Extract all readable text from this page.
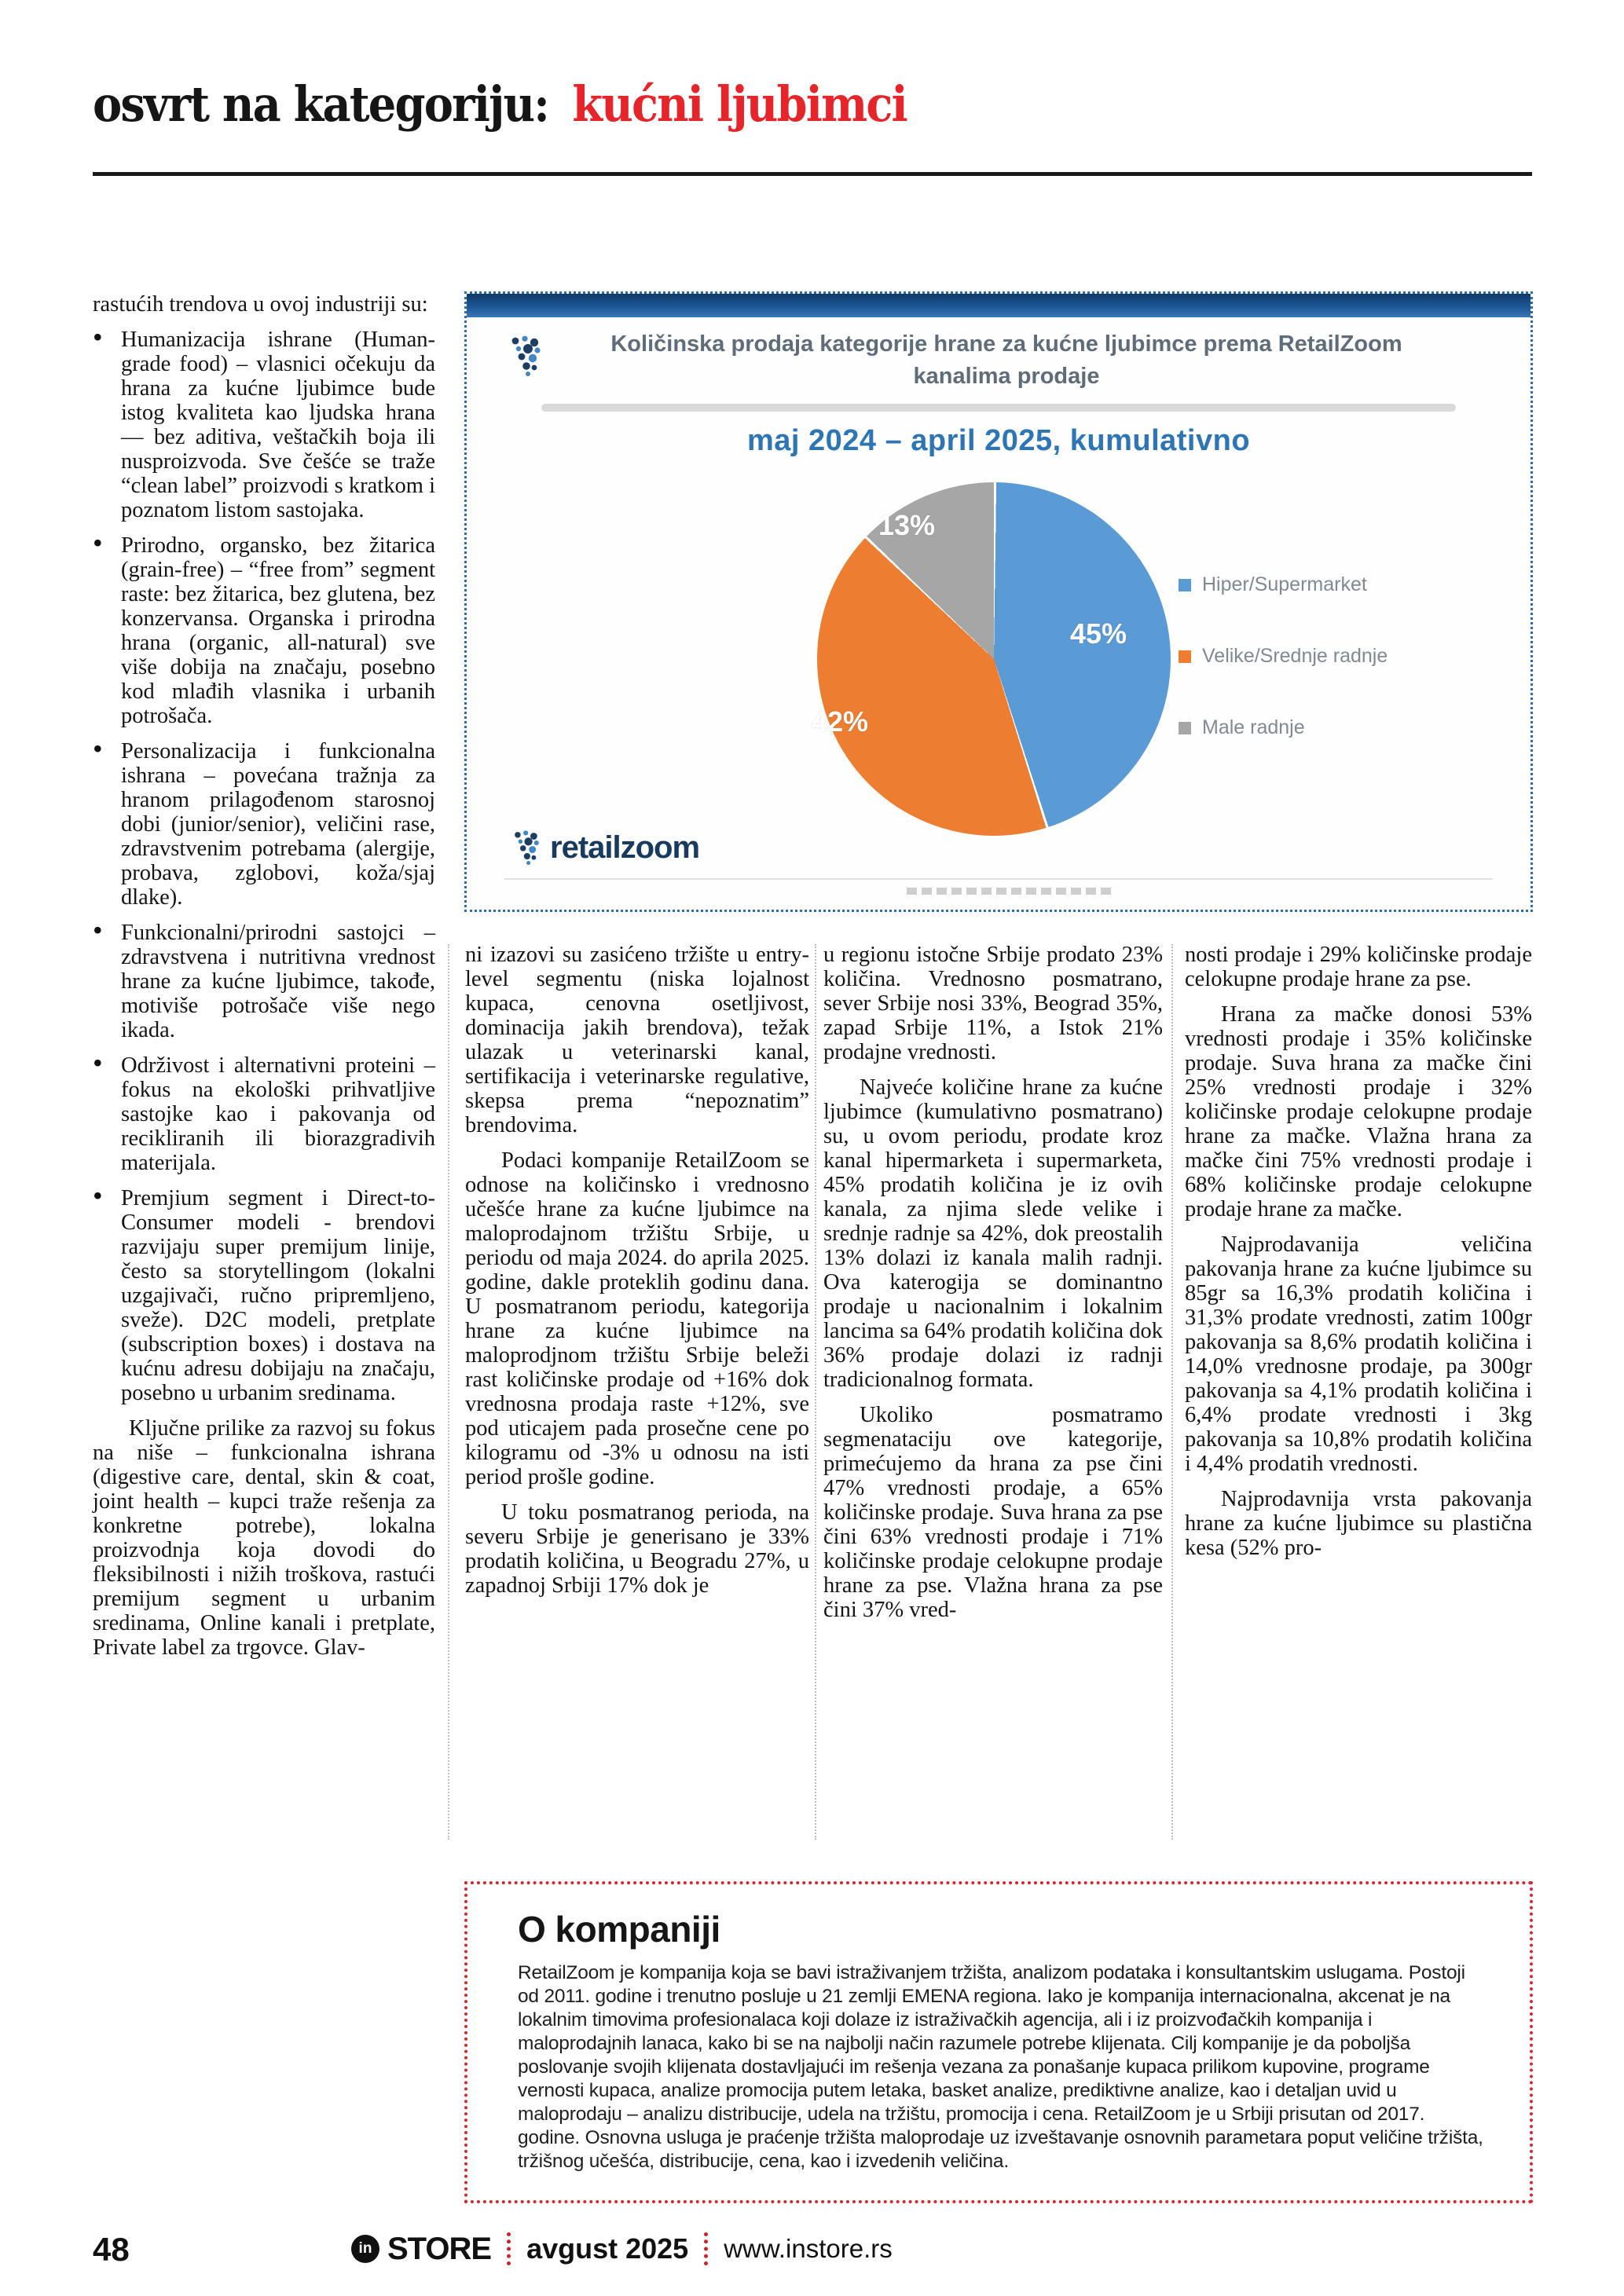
osvrt na kategoriju: kućni ljubimci
Količinska prodaja kategorije hrane za kućne ljubimce prema RetailZoom kanalima prodaje
maj 2024 – april 2025, kumulativno
45%
42%
13%
Hiper/Supermarket
Velike/Srednje radnje
Male radnje
retailzoom

rastućih trendova u ovoj industriji su:

• Humanizacija ishrane (Human-grade food) – vlasnici očekuju da hrana za kućne ljubimce bude istog kvaliteta kao ljudska hrana — bez aditiva, veštačkih boja ili nusproizvoda. Sve češće se traže “clean label” proizvodi s kratkom i poznatom listom sastojaka.
• Prirodno, organsko, bez žitarica (grain-free) – “free from” segment raste: bez žitarica, bez glutena, bez konzervansa. Organska i prirodna hrana (organic, all-natural) sve više dobija na značaju, posebno kod mlađih vlasnika i urbanih potrošača.
• Personalizacija i funkcionalna ishrana – povećana tražnja za hranom prilagođenom starosnoj dobi (junior/senior), veličini rase, zdravstvenim potrebama (alergije, probava, zglobovi, koža/sjaj dlake).
• Funkcionalni/prirodni sastojci – zdravstvena i nutritivna vrednost hrane za kućne ljubimce, takođe, motiviše potrošače više nego ikada.
• Održivost i alternativni proteini – fokus na ekološki prihvatljive sastojke kao i pakovanja od recikliranih ili biorazgradivih materijala.
• Premjium segment i Direct-to-Consumer modeli - brendovi razvijaju super premijum linije, često sa storytellingom (lokalni uzgajivači, ručno pripremljeno, sveže). D2C modeli, pretplate (subscription boxes) i dostava na kućnu adresu dobijaju na značaju, posebno u urbanim sredinama.

Ključne prilike za razvoj su fokus na niše – funkcionalna ishrana (digestive care, dental, skin & coat, joint health – kupci traže rešenja za konkretne potrebe), lokalna proizvodnja koja dovodi do fleksibilnosti i nižih troškova, rastući premijum segment u urbanim sredinama, Online kanali i pretplate, Private label za trgovce. Glav-

ni izazovi su zasićeno tržište u entry-level segmentu (niska lojalnost kupaca, cenovna osetljivost, dominacija jakih brendova), težak ulazak u veterinarski kanal, sertifikacija i veterinarske regulative, skepsa prema “nepoznatim” brendovima.

Podaci kompanije RetailZoom se odnose na količinsko i vrednosno učešće hrane za kućne ljubimce na maloprodajnom tržištu Srbije, u periodu od maja 2024. do aprila 2025. godine, dakle proteklih godinu dana. U posmatranom periodu, kategorija hrane za kućne ljubimce na maloprodjnom tržištu Srbije beleži rast količinske prodaje od +16% dok vrednosna prodaja raste +12%, sve pod uticajem pada prosečne cene po kilogramu od -3% u odnosu na isti period prošle godine.

U toku posmatranog perioda, na severu Srbije je generisano je 33% prodatih količina, u Beogradu 27%, u zapadnoj Srbiji 17% dok je

u regionu istočne Srbije prodato 23% količina. Vrednosno posmatrano, sever Srbije nosi 33%, Beograd 35%, zapad Srbije 11%, a Istok 21% prodajne vrednosti.

Najveće količine hrane za kućne ljubimce (kumulativno posmatrano) su, u ovom periodu, prodate kroz kanal hipermarketa i supermarketa, 45% prodatih količina je iz ovih kanala, za njima slede velike i srednje radnje sa 42%, dok preostalih 13% dolazi iz kanala malih radnji. Ova katerogija se dominantno prodaje u nacionalnim i lokalnim lancima sa 64% prodatih količina dok 36% prodaje dolazi iz radnji tradicionalnog formata.

Ukoliko posmatramo segmenataciju ove kategorije, primećujemo da hrana za pse čini 47% vrednosti prodaje, a 65% količinske prodaje. Suva hrana za pse čini 63% vrednosti prodaje i 71% količinske prodaje celokupne prodaje hrane za pse. Vlažna hrana za pse čini 37% vred-

nosti prodaje i 29% količinske prodaje celokupne prodaje hrane za pse.

Hrana za mačke donosi 53% vrednosti prodaje i 35% količinske prodaje. Suva hrana za mačke čini 25% vrednosti prodaje i 32% količinske prodaje celokupne prodaje hrane za mačke. Vlažna hrana za mačke čini 75% vrednosti prodaje i 68% količinske prodaje celokupne prodaje hrane za mačke.

Najprodavanija veličina pakovanja hrane za kućne ljubimce su 85gr sa 16,3% prodatih količina i 31,3% prodate vrednosti, zatim 100gr pakovanja sa 8,6% prodatih količina i 14,0% vrednosne prodaje, pa 300gr pakovanja sa 4,1% prodatih količina i 6,4% prodate vrednosti i 3kg pakovanja sa 10,8% prodatih količina i 4,4% prodatih vrednosti.

Najprodavnija vrsta pakovanja hrane za kućne ljubimce su plastična kesa (52% pro-

O kompaniji
RetailZoom je kompanija koja se bavi istraživanjem tržišta, analizom podataka i konsultantskim uslugama. Postoji od 2011. godine i trenutno posluje u 21 zemlji EMENA regiona. Iako je kompanija internacionalna, akcenat je na lokalnim timovima profesionalaca koji dolaze iz istraživačkih agencija, ali i iz proizvođačkih kompanija i maloprodajnih lanaca, kako bi se na najbolji način razumele potrebe klijenata. Cilj kompanije je da poboljša poslovanje svojih klijenata dostavljajući im rešenja vezana za ponašanje kupaca prilikom kupovine, programe vernosti kupaca, analize promocija putem letaka, basket analize, prediktivne analize, kao i detaljan uvid u maloprodaju – analizu distribucije, udela na tržištu, promocija i cena. RetailZoom je u Srbiji prisutan od 2017. godine. Osnovna usluga je praćenje tržišta maloprodaje uz izveštavanje osnovnih parametara poput veličine tržišta, tržišnog učešća, distribucije, cena, kao i izvedenih veličina.
48	in STORE avgust 2025 www.instore.rs
